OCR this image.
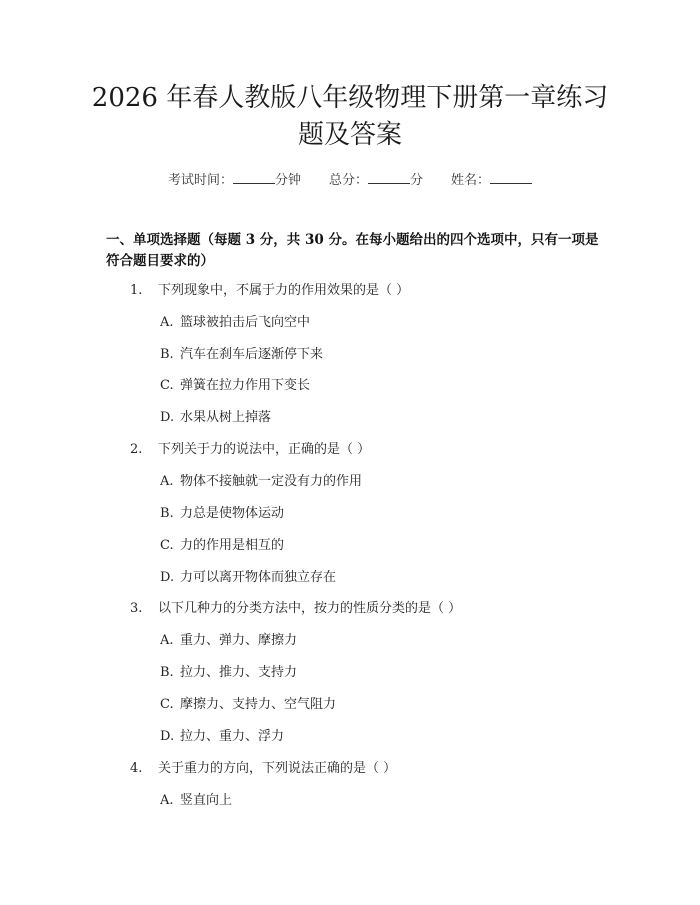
2026 年春人教版八年级物理下册第一章练习
题及答案
考试时间：	分钟 总分：	分 姓名：
一、单项选择题（每题 3 分，共 30 分。在每小题给出的四个选项中，只有一项是
符合题目要求的）
1. 下列现象中，不属于力的作用效果的是（ ）
A. 篮球被拍击后飞向空中
B. 汽车在刹车后逐渐停下来
C. 弹簧在拉力作用下变长
D. 水果从树上掉落
2. 下列关于力的说法中，正确的是（ ）
A. 物体不接触就一定没有力的作用
B. 力总是使物体运动
C. 力的作用是相互的
D. 力可以离开物体而独立存在
3. 以下几种力的分类方法中，按力的性质分类的是（ ）
A. 重力、弹力、摩擦力
B. 拉力、推力、支持力
C. 摩擦力、支持力、空气阻力
D. 拉力、重力、浮力
4. 关于重力的方向，下列说法正确的是（ ）
A. 竖直向上
